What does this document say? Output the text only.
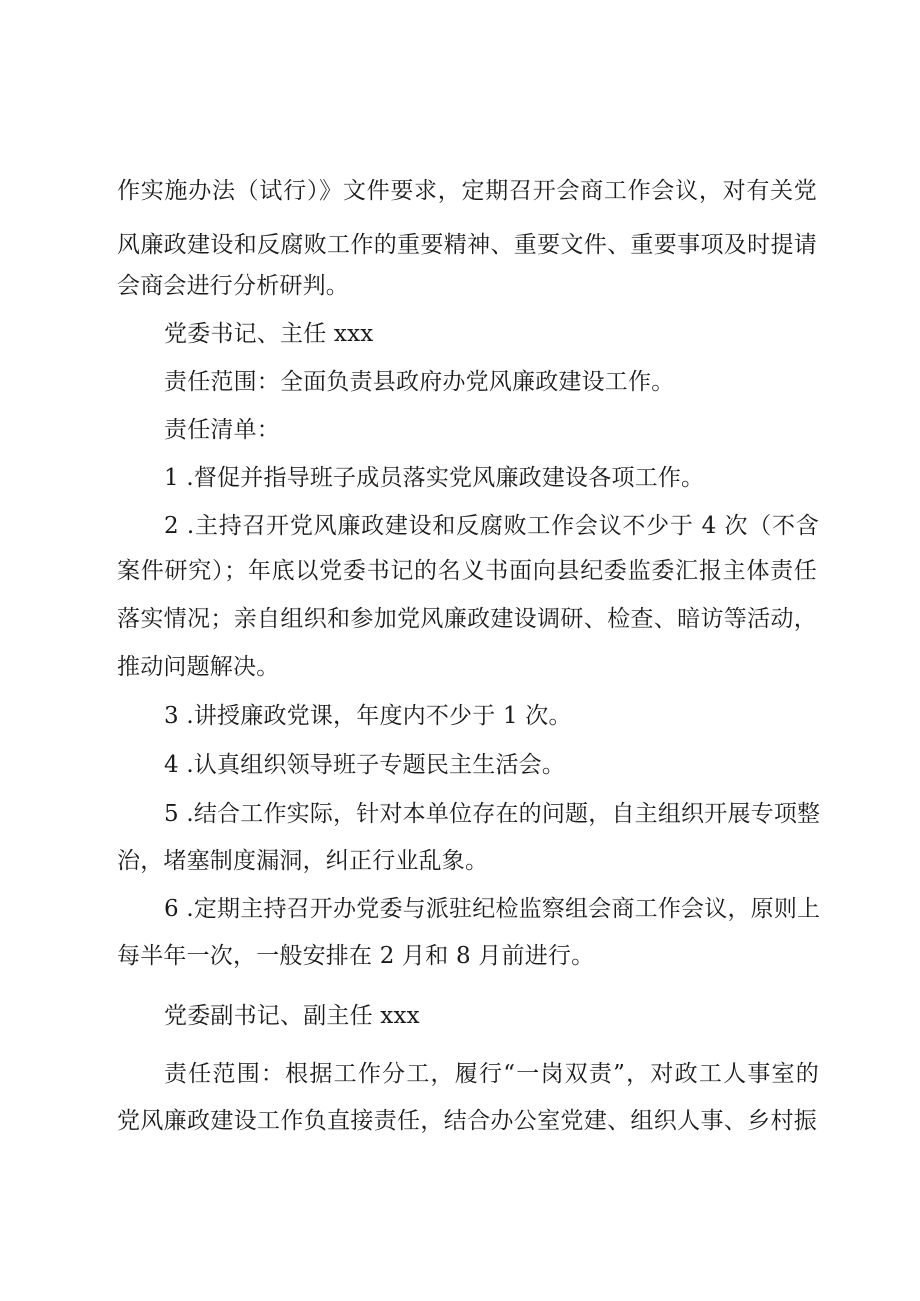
作实施办法（试行）》文件要求，定期召开会商工作会议，对有关党
风廉政建设和反腐败工作的重要精神、重要文件、重要事项及时提请
会商会进行分析研判。
党委书记、主任 xxx
责任范围：全面负责县政府办党风廉政建设工作。
责任清单：
1 .督促并指导班子成员落实党风廉政建设各项工作。
2 .主持召开党风廉政建设和反腐败工作会议不少于 4 次（不含
案件研究）；年底以党委书记的名义书面向县纪委监委汇报主体责任
落实情况；亲自组织和参加党风廉政建设调研、检查、暗访等活动，
推动问题解决。
3 .讲授廉政党课，年度内不少于 1 次。
4 .认真组织领导班子专题民主生活会。
5 .结合工作实际，针对本单位存在的问题，自主组织开展专项整
治，堵塞制度漏洞，纠正行业乱象。
6 .定期主持召开办党委与派驻纪检监察组会商工作会议，原则上
每半年一次，一般安排在 2 月和 8 月前进行。
党委副书记、副主任 xxx
责任范围：根据工作分工，履行“一岗双责”，对政工人事室的
党风廉政建设工作负直接责任，结合办公室党建、组织人事、乡村振
